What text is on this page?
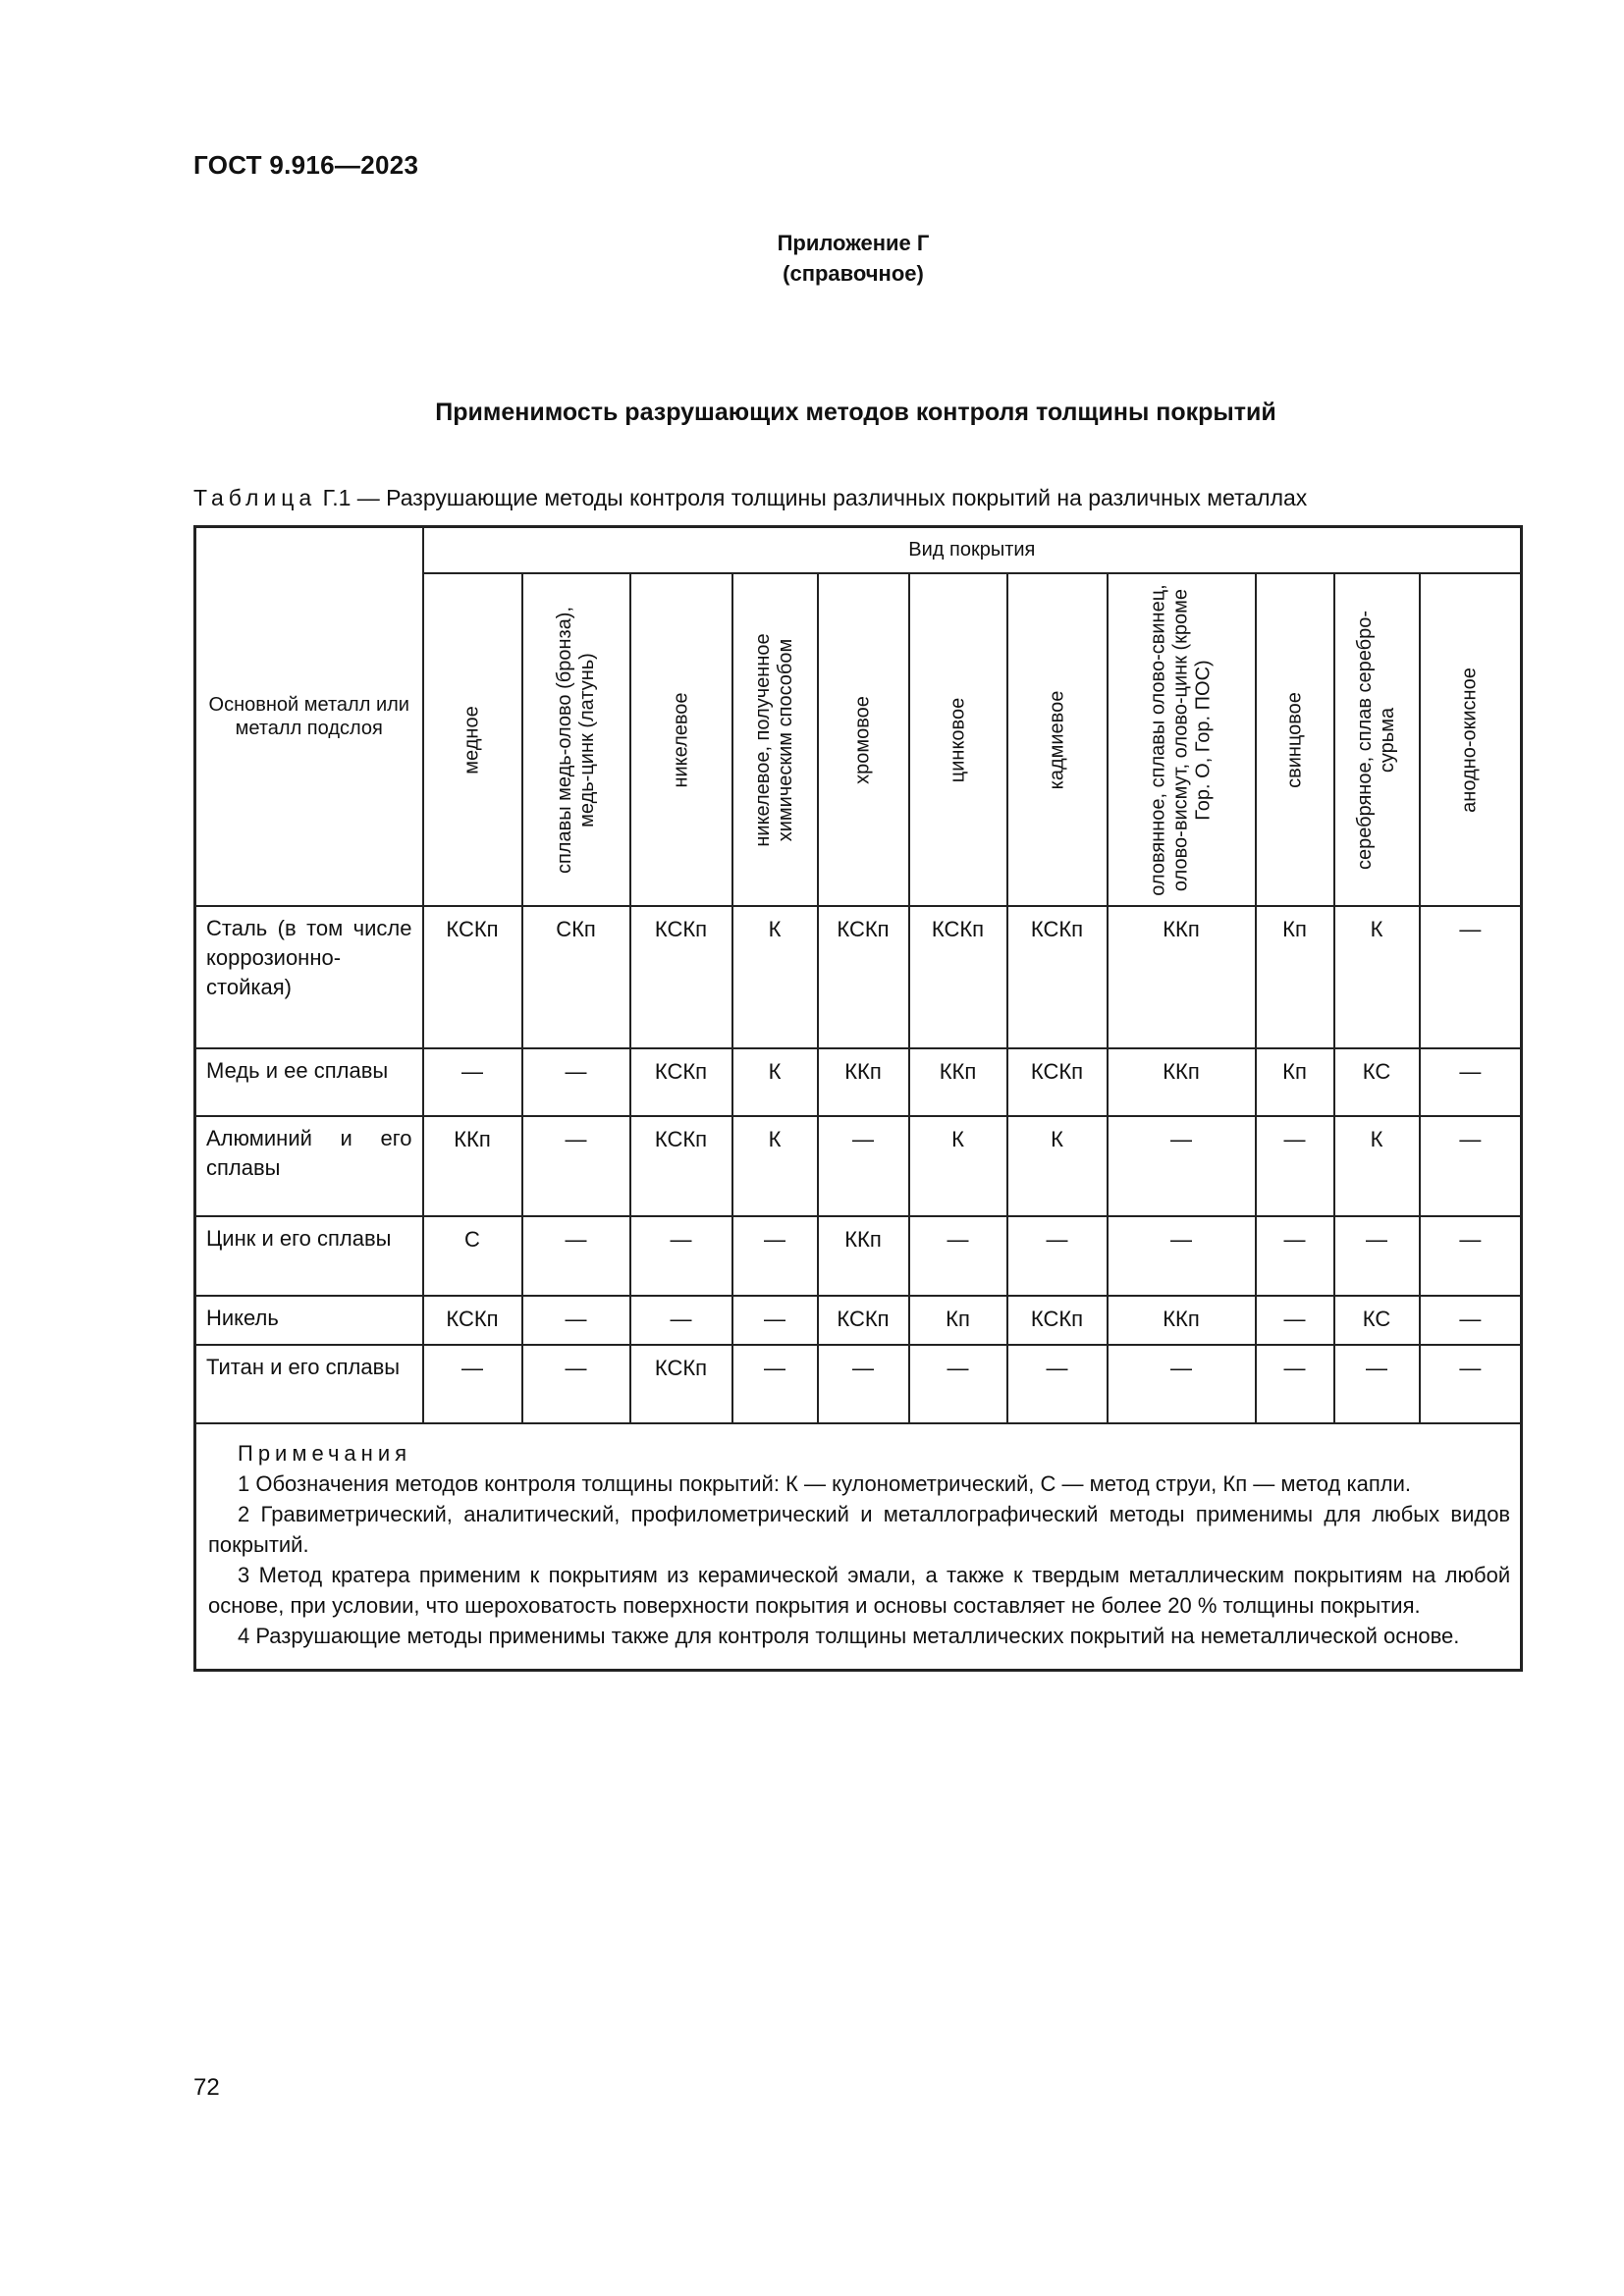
ГОСТ 9.916—2023
Приложение Г
(справочное)
Применимость разрушающих методов контроля толщины покрытий
Таблица Г.1 — Разрушающие методы контроля толщины различных покрытий на различных металлах
Основной металл или металл подслоя	Вид покрытия										

	медное	сплавы медь-олово (бронза), медь-цинк (латунь)	никелевое	никелевое, полученное химическим способом	хромовое	цинковое	кадмиевое	оловянное, сплавы олово-свинец, олово-висмут, олово-цинк (кроме Гор. О, Гор. ПОС)	свинцовое	серебряное, сплав серебро-сурьма	анодно-окисное

Сталь (в том числе коррозионностойкая)	КСКп	СКп	КСКп	К	КСКп	КСКп	КСКп	ККп	Кп	К	—
Медь и ее сплавы	—	—	КСКп	К	ККп	ККп	КСКп	ККп	Кп	КС	—
Алюминий и его сплавы	ККп	—	КСКп	К	—	К	К	—	—	К	—
Цинк и его сплавы	С	—	—	—	ККп	—	—	—	—	—	—
Никель	КСКп	—	—	—	КСКп	Кп	КСКп	ККп	—	КС	—
Титан и его сплавы	—	—	КСКп	—	—	—	—	—	—	—	—

Примечания
1 Обозначения методов контроля толщины покрытий: К — кулонометрический, С — метод струи, Кп — метод капли.
2 Гравиметрический, аналитический, профилометрический и металлографический методы применимы для любых видов покрытий.
3 Метод кратера применим к покрытиям из керамической эмали, а также к твердым металлическим покрытиям на любой основе, при условии, что шероховатость поверхности покрытия и основы составляет не более 20 % толщины покрытия.
4 Разрушающие методы применимы также для контроля толщины металлических покрытий на неметаллической основе.											
72
